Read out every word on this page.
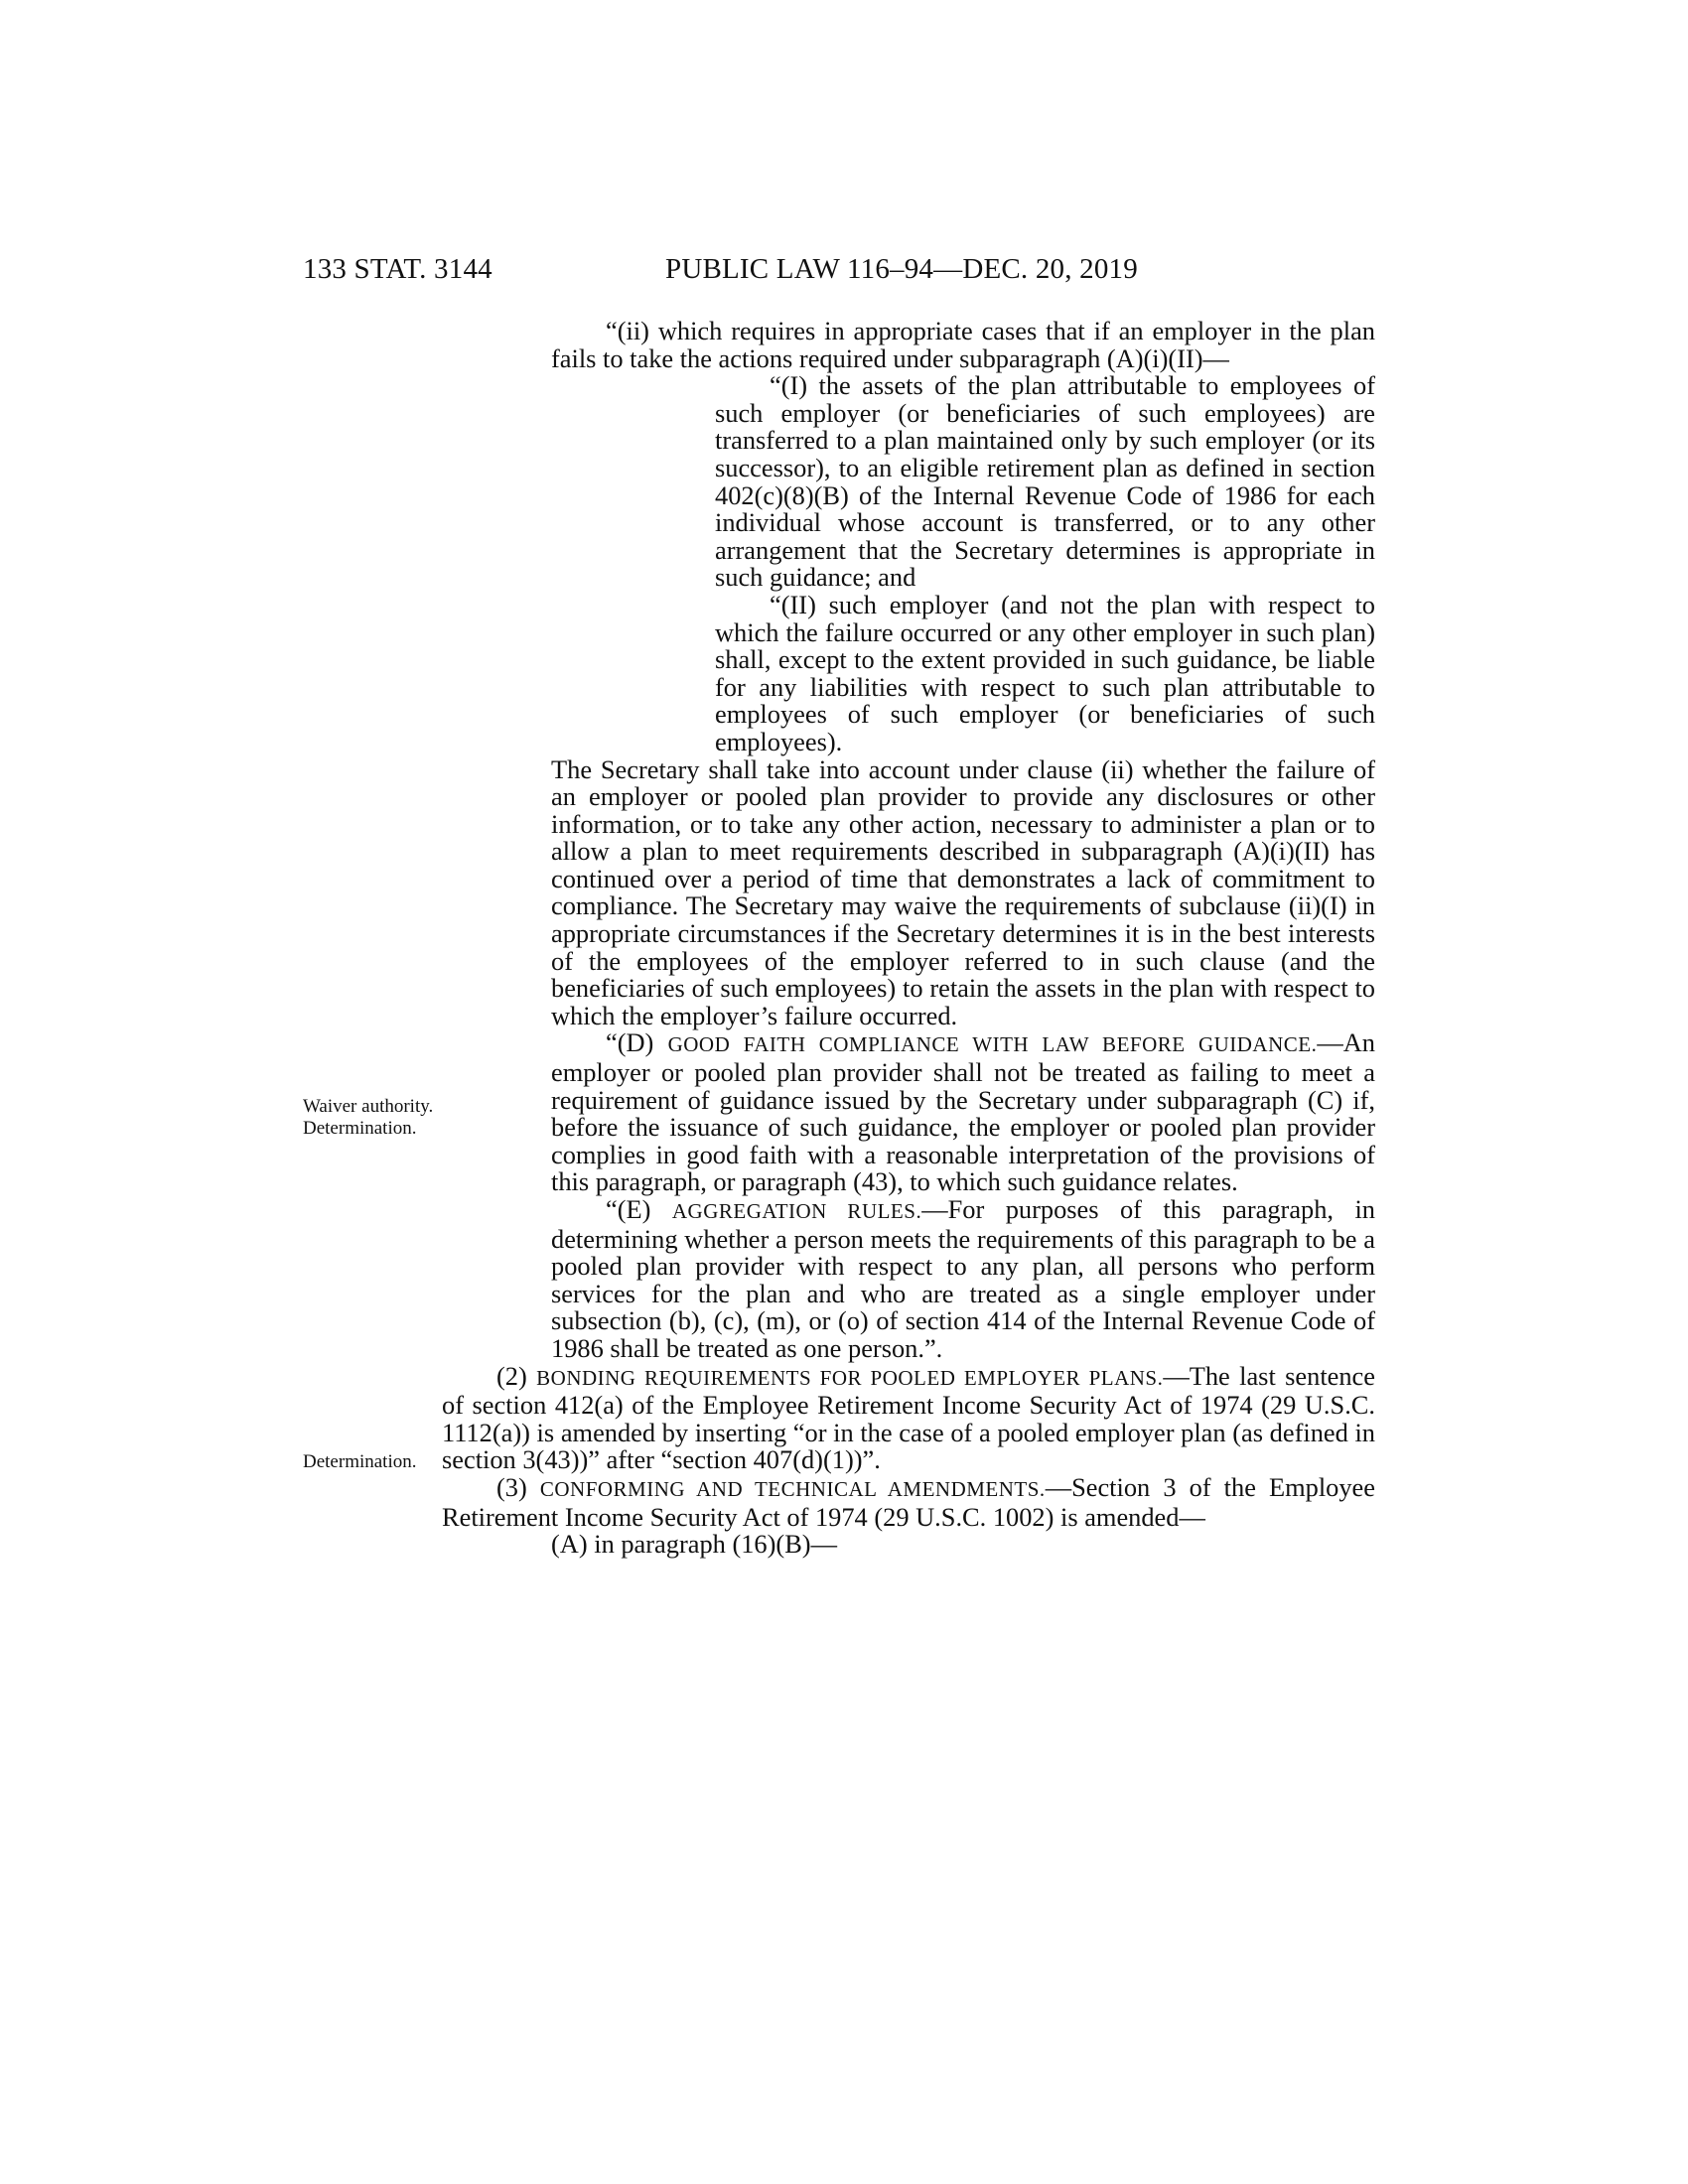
133 STAT. 3144	PUBLIC LAW 116–94—DEC. 20, 2019
Waiver authority.
Determination.
Determination.

“(ii) which requires in appropriate cases that if an employer in the plan fails to take the actions required under subparagraph (A)(i)(II)—

“(I) the assets of the plan attributable to employees of such employer (or beneficiaries of such employees) are transferred to a plan maintained only by such employer (or its successor), to an eligible retirement plan as defined in section 402(c)(8)(B) of the Internal Revenue Code of 1986 for each individual whose account is transferred, or to any other arrangement that the Secretary determines is appropriate in such guidance; and

“(II) such employer (and not the plan with respect to which the failure occurred or any other employer in such plan) shall, except to the extent provided in such guidance, be liable for any liabilities with respect to such plan attributable to employees of such employer (or beneficiaries of such employees).

The Secretary shall take into account under clause (ii) whether the failure of an employer or pooled plan provider to provide any disclosures or other information, or to take any other action, necessary to administer a plan or to allow a plan to meet requirements described in subparagraph (A)(i)(II) has continued over a period of time that demonstrates a lack of commitment to compliance. The Secretary may waive the requirements of subclause (ii)(I) in appropriate circumstances if the Secretary determines it is in the best interests of the employees of the employer referred to in such clause (and the beneficiaries of such employees) to retain the assets in the plan with respect to which the employer’s failure occurred.

“(D) GOOD FAITH COMPLIANCE WITH LAW BEFORE GUIDANCE.—An employer or pooled plan provider shall not be treated as failing to meet a requirement of guidance issued by the Secretary under subparagraph (C) if, before the issuance of such guidance, the employer or pooled plan provider complies in good faith with a reasonable interpretation of the provisions of this paragraph, or paragraph (43), to which such guidance relates.

“(E) AGGREGATION RULES.—For purposes of this paragraph, in determining whether a person meets the requirements of this paragraph to be a pooled plan provider with respect to any plan, all persons who perform services for the plan and who are treated as a single employer under subsection (b), (c), (m), or (o) of section 414 of the Internal Revenue Code of 1986 shall be treated as one person.”.

(2) BONDING REQUIREMENTS FOR POOLED EMPLOYER PLANS.—The last sentence of section 412(a) of the Employee Retirement Income Security Act of 1974 (29 U.S.C. 1112(a)) is amended by inserting “or in the case of a pooled employer plan (as defined in section 3(43))” after “section 407(d)(1))”.

(3) CONFORMING AND TECHNICAL AMENDMENTS.—Section 3 of the Employee Retirement Income Security Act of 1974 (29 U.S.C. 1002) is amended—

(A) in paragraph (16)(B)—
